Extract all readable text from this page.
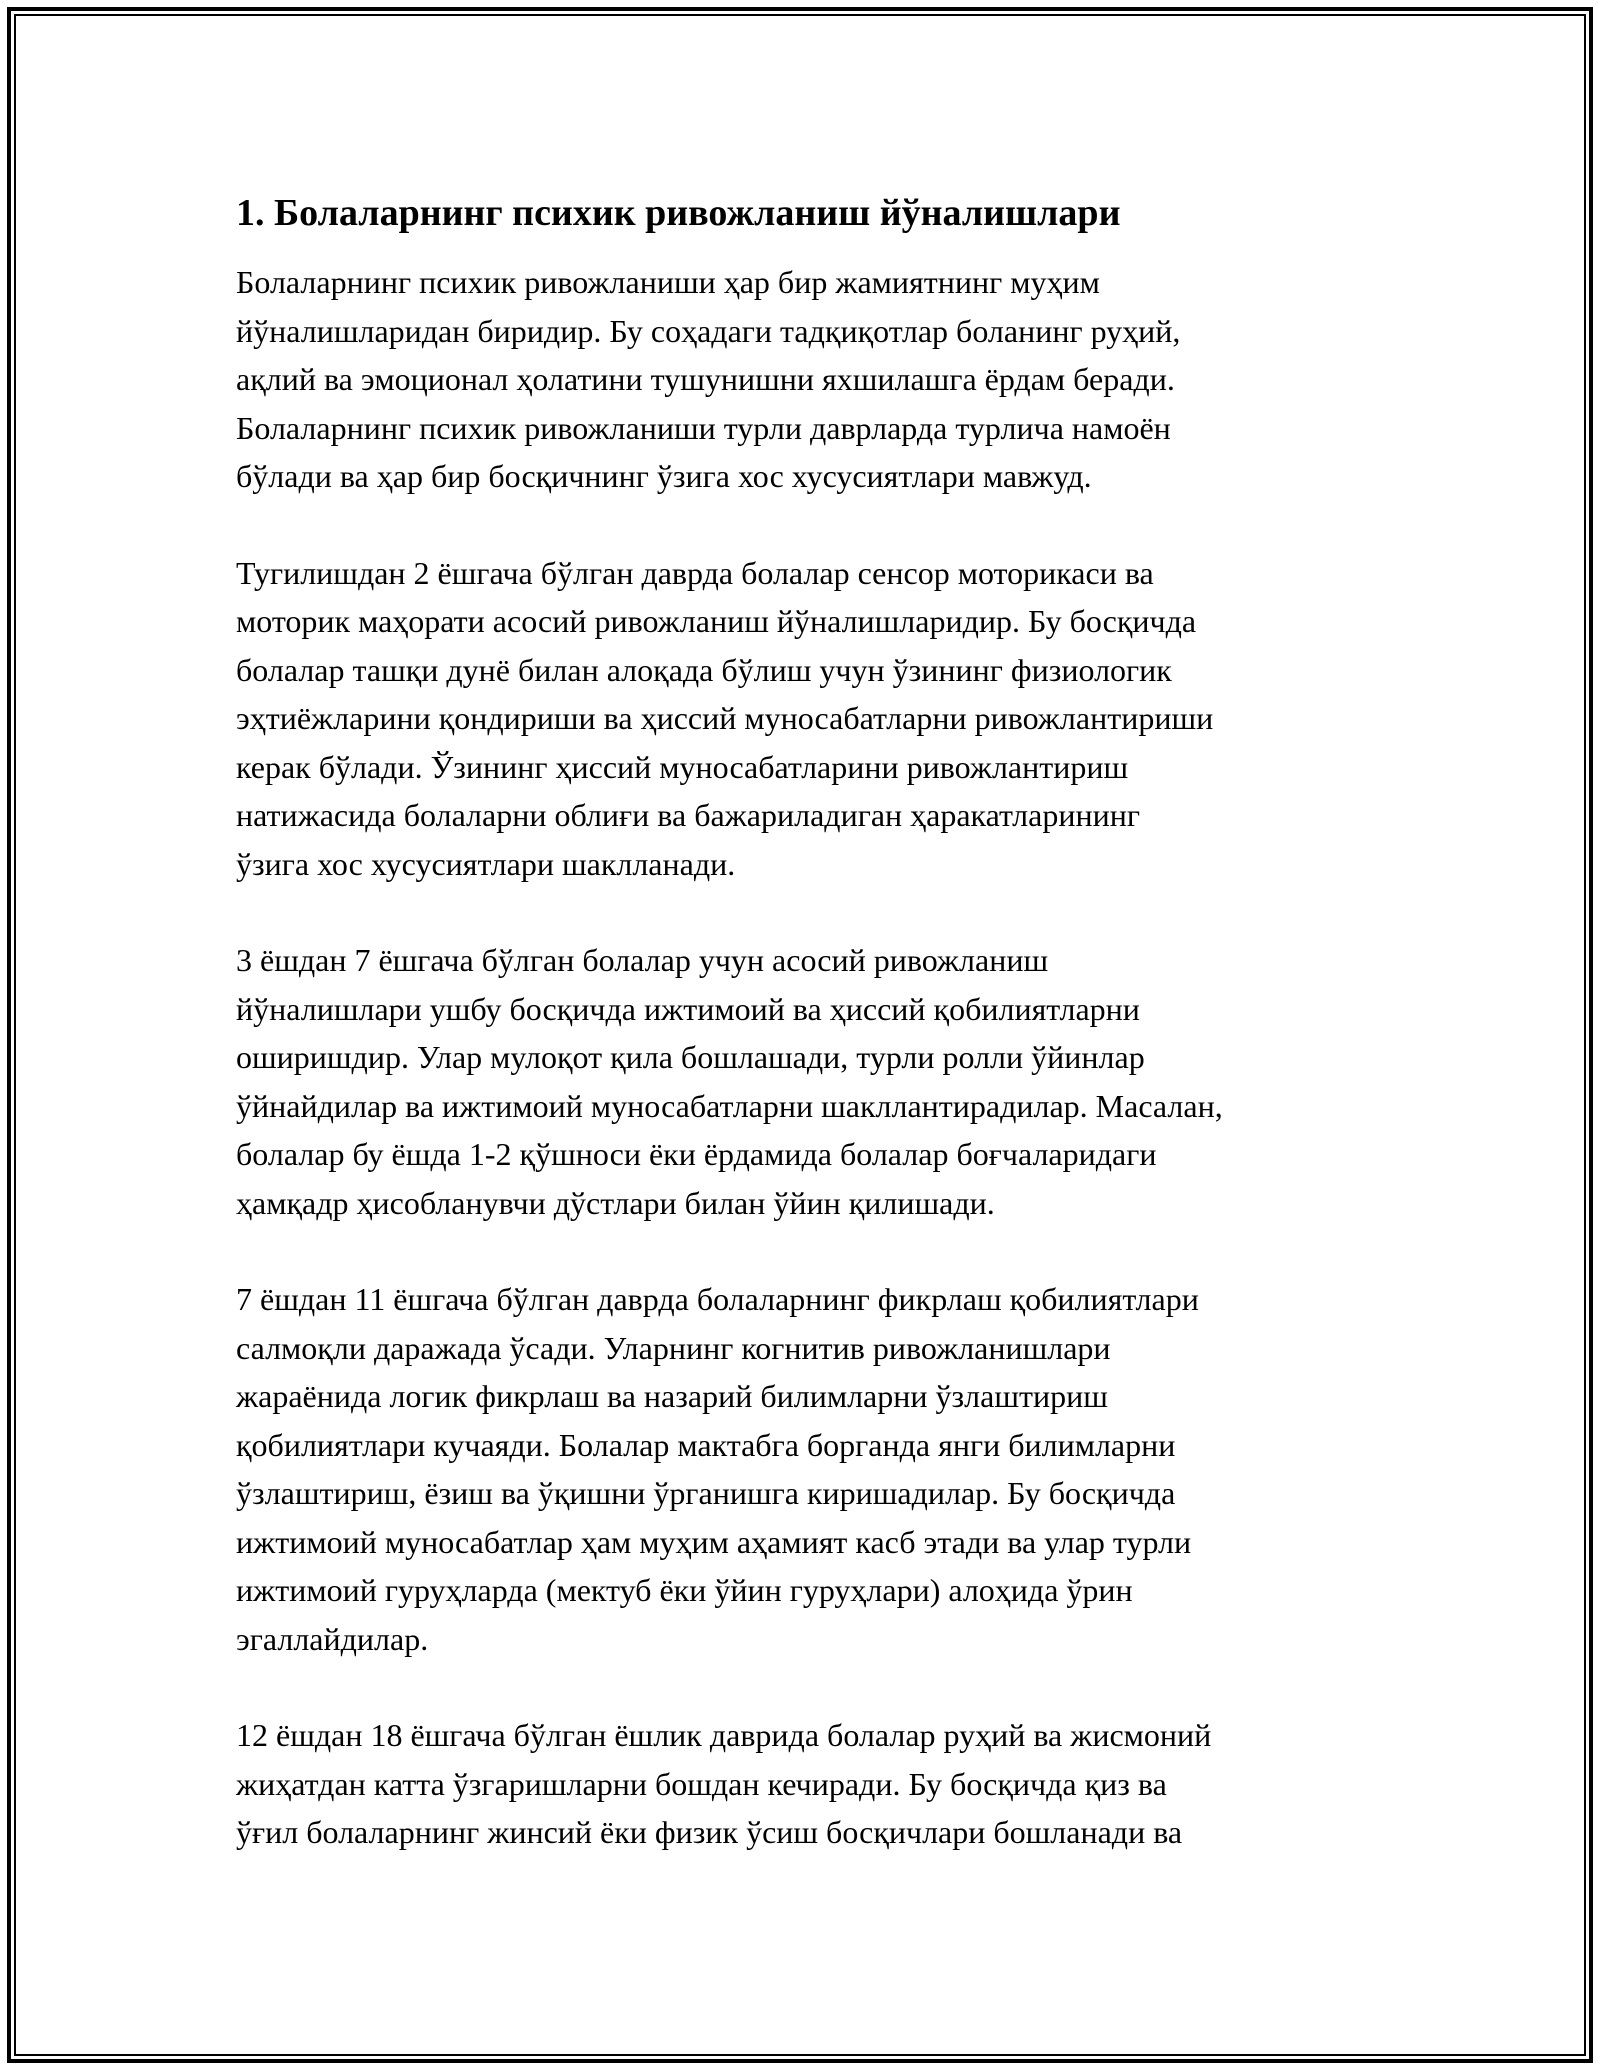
1. Болаларнинг психик ривожланиш йўналишлари

Болаларнинг психик ривожланиши ҳар бир жамиятнинг муҳим
йўналишларидан биридир. Бу соҳадаги тадқиқотлар боланинг руҳий,
ақлий ва эмоционал ҳолатини тушунишни яхшилашга ёрдам беради.
Болаларнинг психик ривожланиши турли даврларда турлича намоён
бўлади ва ҳар бир босқичнинг ўзига хос хусусиятлари мавжуд.

Тугилишдан 2 ёшгача бўлган даврда болалар сенсор моторикаси ва
моторик маҳорати асосий ривожланиш йўналишларидир. Бу босқичда
болалар ташқи дунё билан алоқада бўлиш учун ўзининг физиологик
эҳтиёжларини қондириши ва ҳиссий муносабатларни ривожлантириши
керак бўлади. Ўзининг ҳиссий муносабатларини ривожлантириш
натижасида болаларни облиғи ва бажариладиган ҳаракатларининг
ўзига хос хусусиятлари шаклланади.

3 ёшдан 7 ёшгача бўлган болалар учун асосий ривожланиш
йўналишлари ушбу босқичда ижтимоий ва ҳиссий қобилиятларни
оширишдир. Улар мулоқот қила бошлашади, турли ролли ўйинлар
ўйнайдилар ва ижтимоий муносабатларни шакллантирадилар. Масалан,
болалар бу ёшда 1-2 қўшноси ёки ёрдамида болалар боғчаларидаги
ҳамқадр ҳисобланувчи дўстлари билан ўйин қилишади.

7 ёшдан 11 ёшгача бўлган даврда болаларнинг фикрлаш қобилиятлари
салмоқли даражада ўсади. Уларнинг когнитив ривожланишлари
жараёнида логик фикрлаш ва назарий билимларни ўзлаштириш
қобилиятлари кучаяди. Болалар мактабга борганда янги билимларни
ўзлаштириш, ёзиш ва ўқишни ўрганишга киришадилар. Бу босқичда
ижтимоий муносабатлар ҳам муҳим аҳамият касб этади ва улар турли
ижтимоий гуруҳларда (мектуб ёки ўйин гуруҳлари) алоҳида ўрин
эгаллайдилар.

12 ёшдан 18 ёшгача бўлган ёшлик даврида болалар руҳий ва жисмоний
жиҳатдан катта ўзгаришларни бошдан кечиради. Бу босқичда қиз ва
ўғил болаларнинг жинсий ёки физик ўсиш босқичлари бошланади ва
